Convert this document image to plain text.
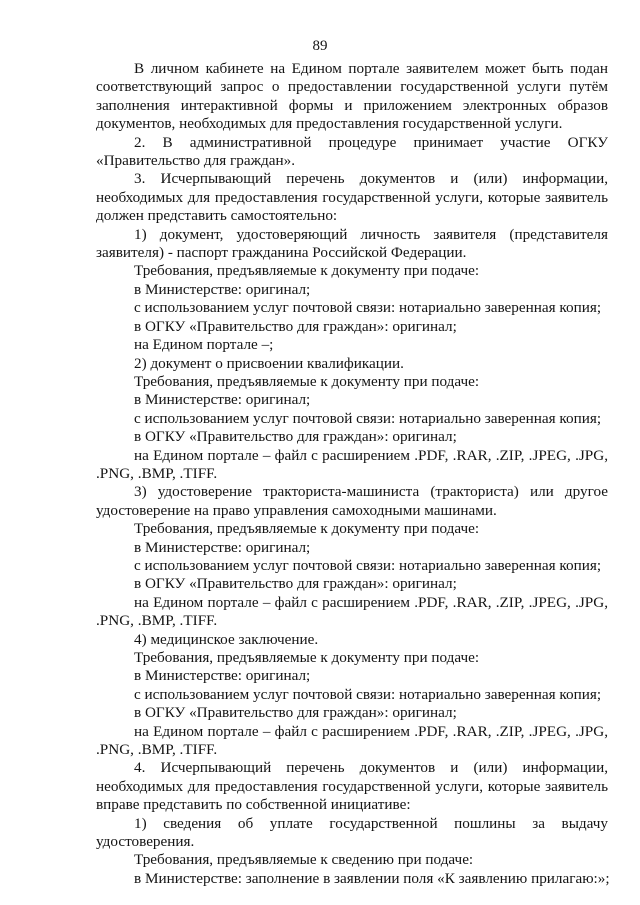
89

В личном кабинете на Едином портале заявителем может быть подан
соответствующий запрос о предоставлении государственной услуги путём
заполнения интерактивной формы и приложением электронных образов
документов, необходимых для предоставления государственной услуги.

2. В административной процедуре принимает участие ОГКУ
«Правительство для граждан».

3. Исчерпывающий перечень документов и (или) информации,
необходимых для предоставления государственной услуги, которые заявитель
должен представить самостоятельно:

1) документ, удостоверяющий личность заявителя (представителя
заявителя) - паспорт гражданина Российской Федерации.

Требования, предъявляемые к документу при подаче:

в Министерстве: оригинал;

с использованием услуг почтовой связи: нотариально заверенная копия;

в ОГКУ «Правительство для граждан»: оригинал;

на Едином портале –;

2) документ о присвоении квалификации.

Требования, предъявляемые к документу при подаче:

в Министерстве: оригинал;

с использованием услуг почтовой связи: нотариально заверенная копия;

в ОГКУ «Правительство для граждан»: оригинал;

на Едином портале – файл с расширением .PDF, .RAR, .ZIP, .JPEG, .JPG,
.PNG, .BMP, .TIFF.

3) удостоверение тракториста-машиниста (тракториста) или другое
удостоверение на право управления самоходными машинами.

Требования, предъявляемые к документу при подаче:

в Министерстве: оригинал;

с использованием услуг почтовой связи: нотариально заверенная копия;

в ОГКУ «Правительство для граждан»: оригинал;

на Едином портале – файл с расширением .PDF, .RAR, .ZIP, .JPEG, .JPG,
.PNG, .BMP, .TIFF.

4) медицинское заключение.

Требования, предъявляемые к документу при подаче:

в Министерстве: оригинал;

с использованием услуг почтовой связи: нотариально заверенная копия;

в ОГКУ «Правительство для граждан»: оригинал;

на Едином портале – файл с расширением .PDF, .RAR, .ZIP, .JPEG, .JPG,
.PNG, .BMP, .TIFF.

4. Исчерпывающий перечень документов и (или) информации,
необходимых для предоставления государственной услуги, которые заявитель
вправе представить по собственной инициативе:

1) сведения об уплате государственной пошлины за выдачу
удостоверения.

Требования, предъявляемые к сведению при подаче:

в Министерстве: заполнение в заявлении поля «К заявлению прилагаю:»;
